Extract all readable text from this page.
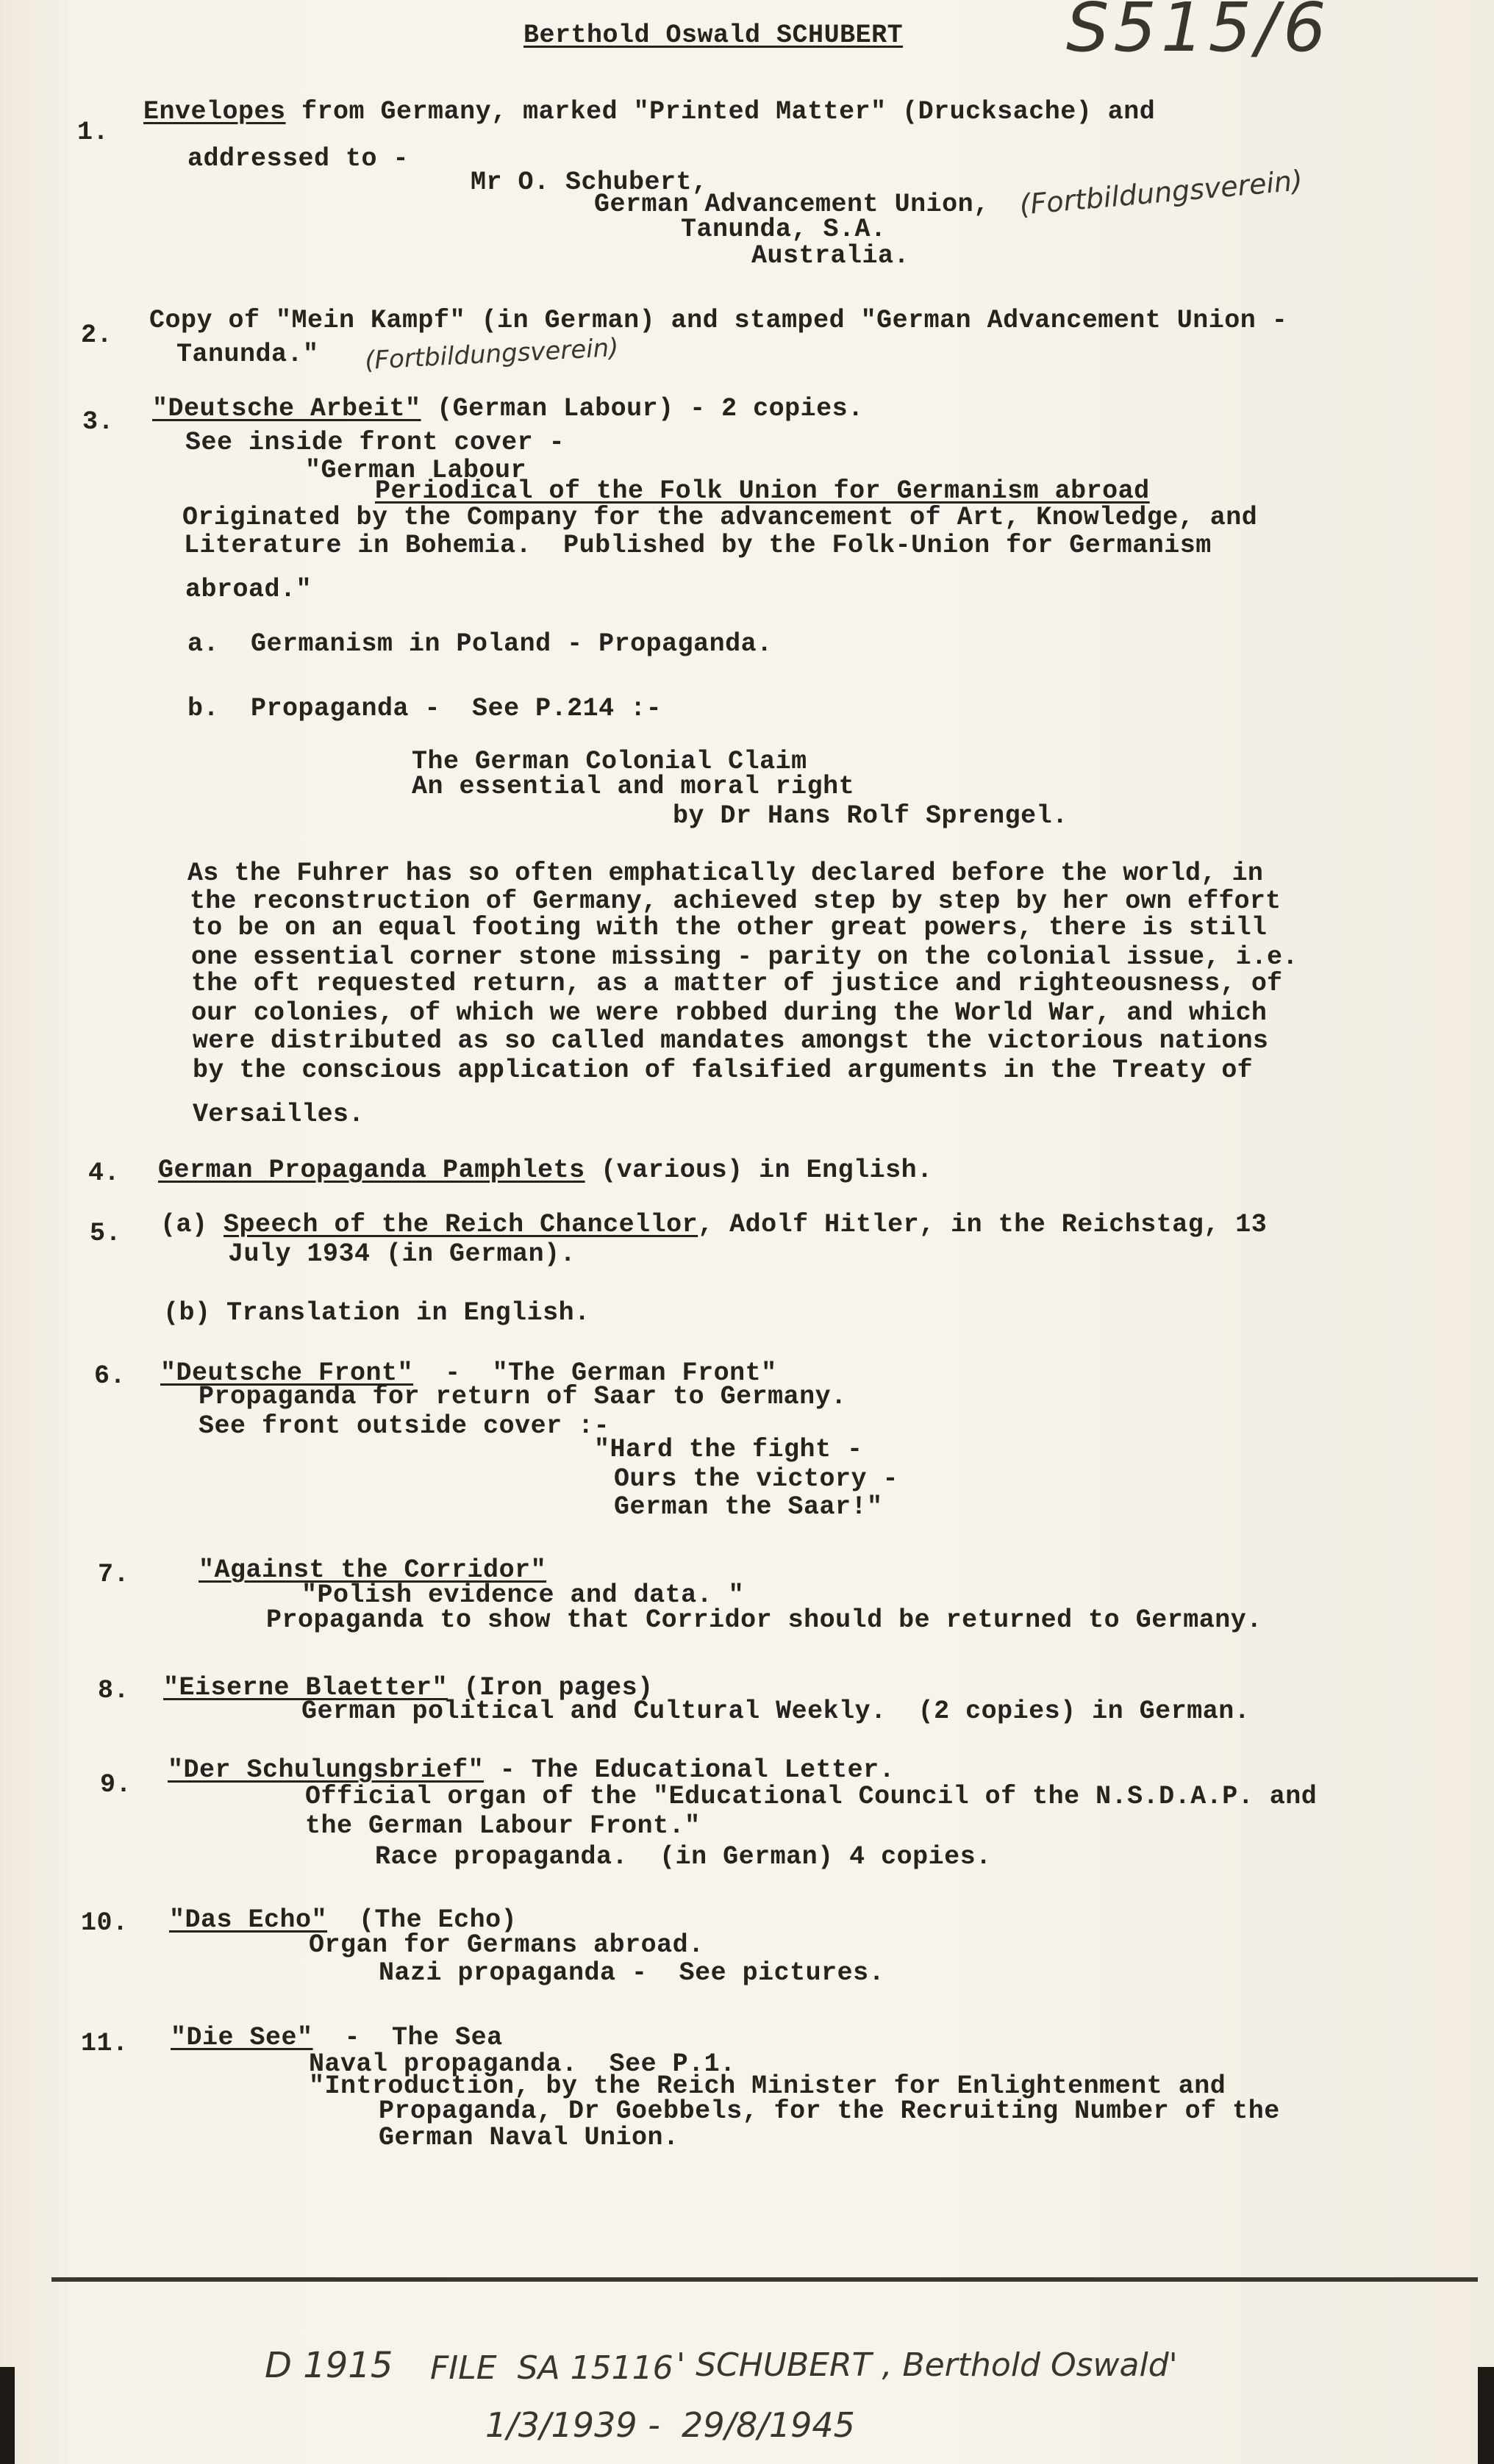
Berthold Oswald SCHUBERT S515/6
1.
Envelopes from Germany, marked "Printed Matter" (Drucksache) and
addressed to -
Mr O. Schubert,
German Advancement Union,
Tanunda, S.A.
Australia.
(Fortbildungsverein)
2. Copy of "Mein Kampf" (in German) and stamped "German Advancement Union -
Tanunda." (Fortbildungsverein)
3. "Deutsche Arbeit" (German Labour) - 2 copies.
See inside front cover -
"German Labour
Periodical of the Folk Union for Germanism abroad
Originated by the Company for the advancement of Art, Knowledge, and
Literature in Bohemia.  Published by the Folk-Union for Germanism
abroad."
a.  Germanism in Poland - Propaganda.
b.  Propaganda -  See P.214 :-
The German Colonial Claim
An essential and moral right
by Dr Hans Rolf Sprengel.
As the Fuhrer has so often emphatically declared before the world, in
the reconstruction of Germany, achieved step by step by her own effort
to be on an equal footing with the other great powers, there is still
one essential corner stone missing - parity on the colonial issue, i.e.
the oft requested return, as a matter of justice and righteousness, of
our colonies, of which we were robbed during the World War, and which
were distributed as so called mandates amongst the victorious nations
by the conscious application of falsified arguments in the Treaty of
Versailles.
4. German Propaganda Pamphlets (various) in English.
5. (a) Speech of the Reich Chancellor, Adolf Hitler, in the Reichstag, 13
July 1934 (in German).
(b) Translation in English.
6. "Deutsche Front"  -  "The German Front"
Propaganda for return of Saar to Germany.
See front outside cover :-
"Hard the fight -
Ours the victory -
German the Saar!"
7.	"Against the Corridor"
"Polish evidence and data. "
Propaganda to show that Corridor should be returned to Germany.
8. "Eiserne Blaetter" (Iron pages)
German political and Cultural Weekly.  (2 copies) in German.
9. "Der Schulungsbrief" - The Educational Letter.
Official organ of the "Educational Council of the N.S.D.A.P. and
the German Labour Front."
Race propaganda.  (in German) 4 copies.
10. "Das Echo"  (The Echo)
Organ for Germans abroad.
Nazi propaganda -  See pictures.
11. "Die See"  -  The Sea
Naval propaganda.  See P.1.
"Introduction, by the Reich Minister for Enlightenment and
Propaganda, Dr Goebbels, for the Recruiting Number of the
German Naval Union.
D 1915 FILE  SA 15116 ' SCHUBERT , Berthold Oswald'
1/3/1939 -  29/8/1945
